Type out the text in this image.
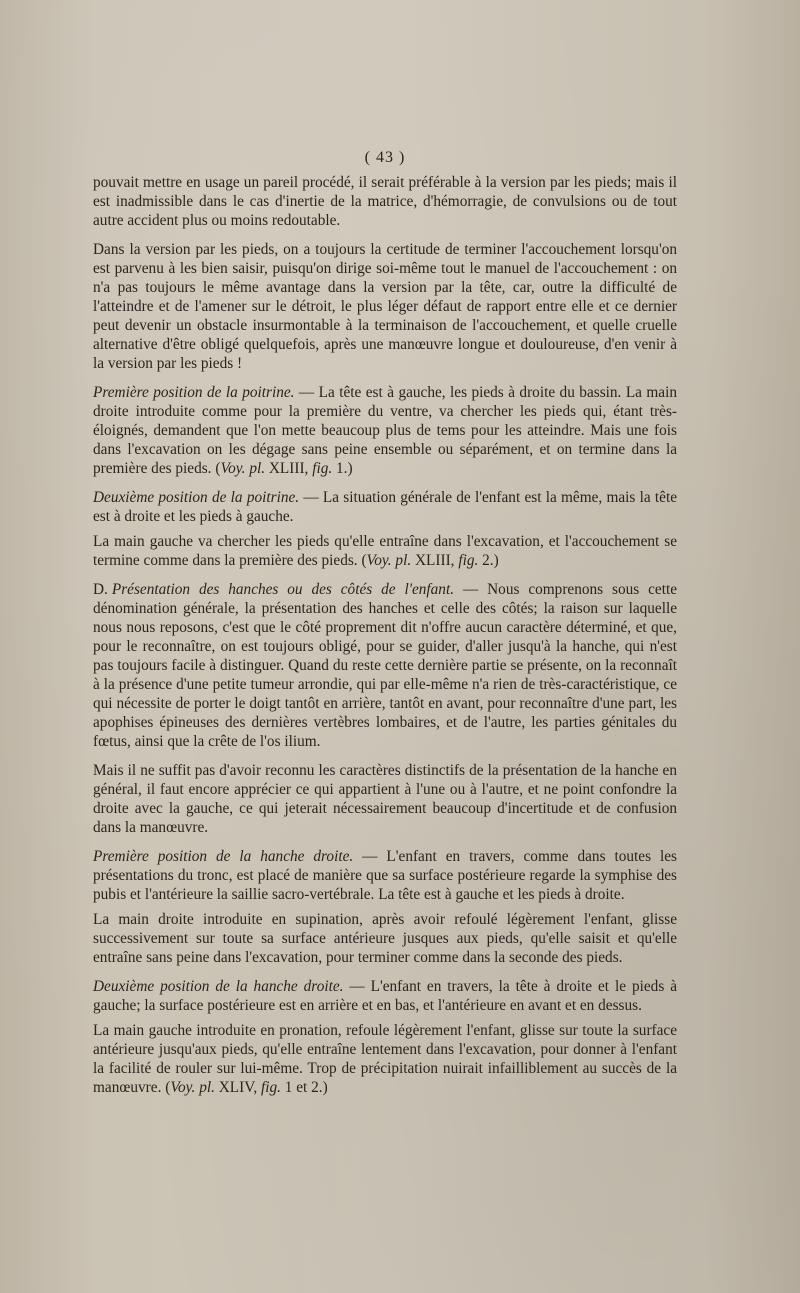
( 43 )

pouvait mettre en usage un pareil procédé, il serait préférable à la version par les pieds; mais il est inadmissible dans le cas d'inertie de la matrice, d'hémorragie, de convulsions ou de tout autre accident plus ou moins redoutable.

Dans la version par les pieds, on a toujours la certitude de terminer l'accouchement lorsqu'on est parvenu à les bien saisir, puisqu'on dirige soi-même tout le manuel de l'accouchement : on n'a pas toujours le même avantage dans la version par la tête, car, outre la difficulté de l'atteindre et de l'amener sur le détroit, le plus léger défaut de rapport entre elle et ce dernier peut devenir un obstacle insurmontable à la terminaison de l'accouchement, et quelle cruelle alternative d'être obligé quelquefois, après une manœuvre longue et douloureuse, d'en venir à la version par les pieds !

Première position de la poitrine. — La tête est à gauche, les pieds à droite du bassin. La main droite introduite comme pour la première du ventre, va chercher les pieds qui, étant très-éloignés, demandent que l'on mette beaucoup plus de tems pour les atteindre. Mais une fois dans l'excavation on les dégage sans peine ensemble ou séparément, et on termine dans la première des pieds. (Voy. pl. XLIII, fig. 1.)

Deuxième position de la poitrine. — La situation générale de l'enfant est la même, mais la tête est à droite et les pieds à gauche.

La main gauche va chercher les pieds qu'elle entraîne dans l'excavation, et l'accouchement se termine comme dans la première des pieds. (Voy. pl. XLIII, fig. 2.)

D. Présentation des hanches ou des côtés de l'enfant. — Nous comprenons sous cette dénomination générale, la présentation des hanches et celle des côtés; la raison sur laquelle nous nous reposons, c'est que le côté proprement dit n'offre aucun caractère déterminé, et que, pour le reconnaître, on est toujours obligé, pour se guider, d'aller jusqu'à la hanche, qui n'est pas toujours facile à distinguer. Quand du reste cette dernière partie se présente, on la reconnaît à la présence d'une petite tumeur arrondie, qui par elle-même n'a rien de très-caractéristique, ce qui nécessite de porter le doigt tantôt en arrière, tantôt en avant, pour reconnaître d'une part, les apophises épineuses des dernières vertèbres lombaires, et de l'autre, les parties génitales du fœtus, ainsi que la crête de l'os ilium.

Mais il ne suffit pas d'avoir reconnu les caractères distinctifs de la présentation de la hanche en général, il faut encore apprécier ce qui appartient à l'une ou à l'autre, et ne point confondre la droite avec la gauche, ce qui jeterait nécessairement beaucoup d'incertitude et de confusion dans la manœuvre.

Première position de la hanche droite. — L'enfant en travers, comme dans toutes les présentations du tronc, est placé de manière que sa surface postérieure regarde la symphise des pubis et l'antérieure la saillie sacro-vertébrale. La tête est à gauche et les pieds à droite.

La main droite introduite en supination, après avoir refoulé légèrement l'enfant, glisse successivement sur toute sa surface antérieure jusques aux pieds, qu'elle saisit et qu'elle entraîne sans peine dans l'excavation, pour terminer comme dans la seconde des pieds.

Deuxième position de la hanche droite. — L'enfant en travers, la tête à droite et le pieds à gauche; la surface postérieure est en arrière et en bas, et l'antérieure en avant et en dessus.

La main gauche introduite en pronation, refoule légèrement l'enfant, glisse sur toute la surface antérieure jusqu'aux pieds, qu'elle entraîne lentement dans l'excavation, pour donner à l'enfant la facilité de rouler sur lui-même. Trop de précipitation nuirait infailliblement au succès de la manœuvre. (Voy. pl. XLIV, fig. 1 et 2.)
